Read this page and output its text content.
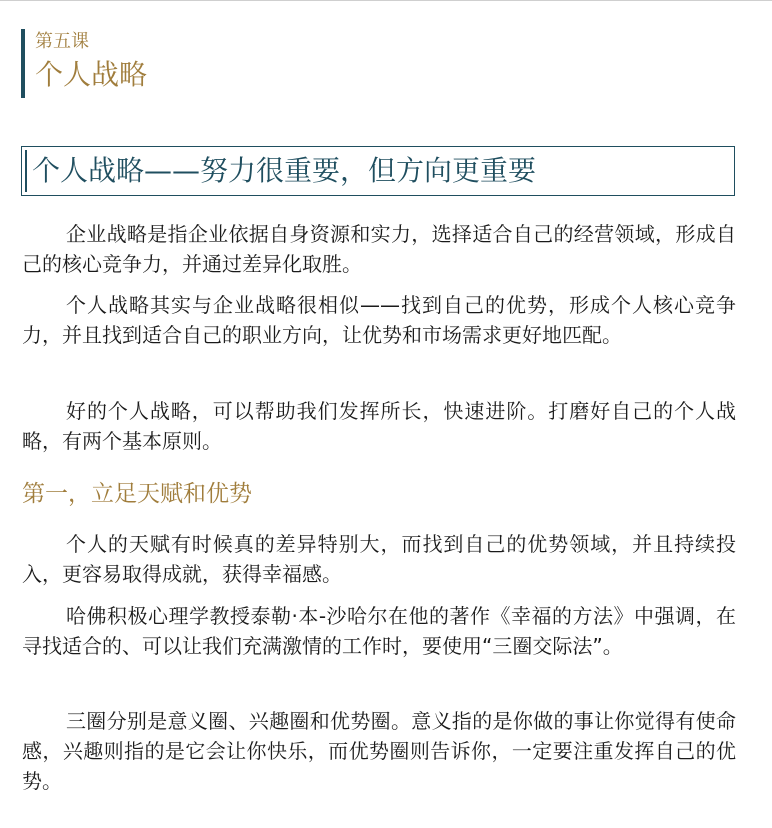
第五课
个人战略
个人战略——努力很重要，但方向更重要

企业战略是指企业依据自身资源和实力，选择适合自己的经营领域，形成自己的核心竞争力，并通过差异化取胜。

个人战略其实与企业战略很相似——找到自己的优势，形成个人核心竞争力，并且找到适合自己的职业方向，让优势和市场需求更好地匹配。

好的个人战略，可以帮助我们发挥所长，快速进阶。打磨好自己的个人战略，有两个基本原则。

第一，立足天赋和优势

个人的天赋有时候真的差异特别大，而找到自己的优势领域，并且持续投入，更容易取得成就，获得幸福感。

哈佛积极心理学教授泰勒·本-沙哈尔在他的著作《幸福的方法》中强调，在寻找适合的、可以让我们充满激情的工作时，要使用“三圈交际法”。

三圈分别是意义圈、兴趣圈和优势圈。意义指的是你做的事让你觉得有使命感，兴趣则指的是它会让你快乐，而优势圈则告诉你，一定要注重发挥自己的优势。
